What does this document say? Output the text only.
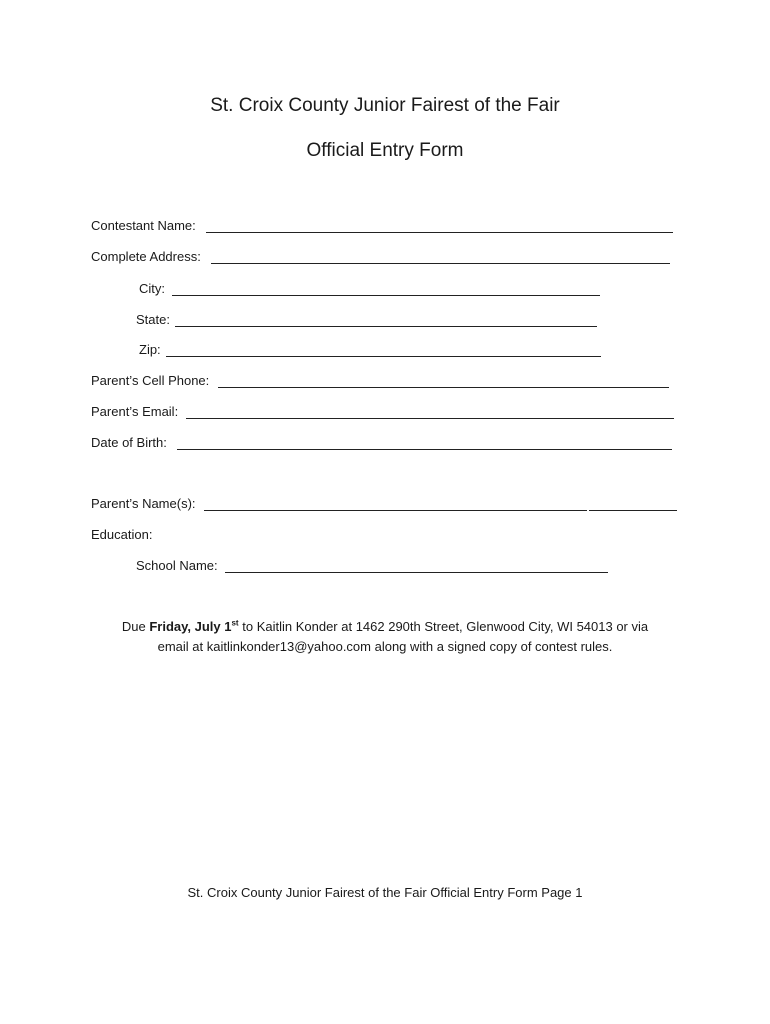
St. Croix County Junior Fairest of the Fair
Official Entry Form
Contestant Name:
Complete Address:
City:
State:
Zip:
Parent’s Cell Phone:
Parent’s Email:
Date of Birth:
Parent’s Name(s):
Education:
School Name:
Due Friday, July 1st to Kaitlin Konder at 1462 290th Street, Glenwood City, WI 54013 or via
email at kaitlinkonder13@yahoo.com along with a signed copy of contest rules.
St. Croix County Junior Fairest of the Fair Official Entry Form Page 1
